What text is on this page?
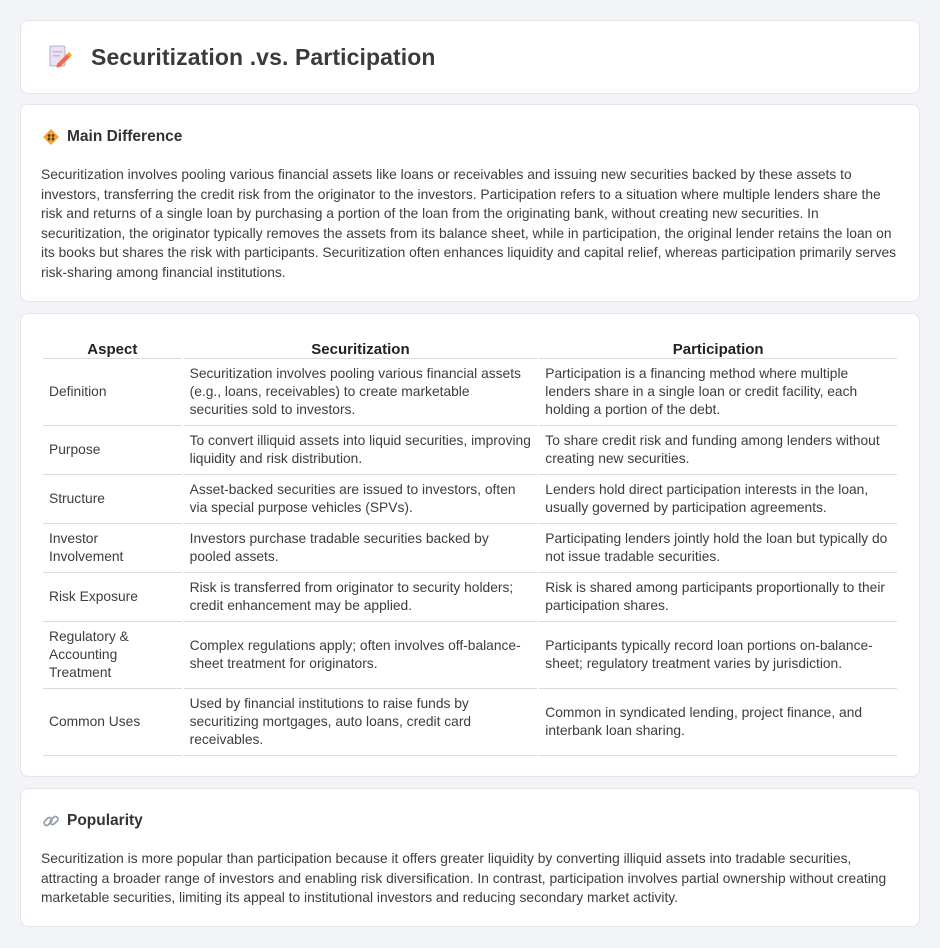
Securitization .vs. Participation
Main Difference

Securitization involves pooling various financial assets like loans or receivables and issuing new securities backed by these assets to investors, transferring the credit risk from the originator to the investors. Participation refers to a situation where multiple lenders share the risk and returns of a single loan by purchasing a portion of the loan from the originating bank, without creating new securities. In securitization, the originator typically removes the assets from its balance sheet, while in participation, the original lender retains the loan on its books but shares the risk with participants. Securitization often enhances liquidity and capital relief, whereas participation primarily serves risk-sharing among financial institutions.

Aspect	Securitization	Participation
Definition	Securitization involves pooling various financial assets (e.g., loans, receivables) to create marketable securities sold to investors.	Participation is a financing method where multiple lenders share in a single loan or credit facility, each holding a portion of the debt.
Purpose	To convert illiquid assets into liquid securities, improving liquidity and risk distribution.	To share credit risk and funding among lenders without creating new securities.
Structure	Asset-backed securities are issued to investors, often via special purpose vehicles (SPVs).	Lenders hold direct participation interests in the loan, usually governed by participation agreements.
Investor Involvement	Investors purchase tradable securities backed by pooled assets.	Participating lenders jointly hold the loan but typically do not issue tradable securities.
Risk Exposure	Risk is transferred from originator to security holders; credit enhancement may be applied.	Risk is shared among participants proportionally to their participation shares.
Regulatory & Accounting Treatment	Complex regulations apply; often involves off-balance-sheet treatment for originators.	Participants typically record loan portions on-balance-sheet; regulatory treatment varies by jurisdiction.
Common Uses	Used by financial institutions to raise funds by securitizing mortgages, auto loans, credit card receivables.	Common in syndicated lending, project finance, and interbank loan sharing.
Popularity

Securitization is more popular than participation because it offers greater liquidity by converting illiquid assets into tradable securities, attracting a broader range of investors and enabling risk diversification. In contrast, participation involves partial ownership without creating marketable securities, limiting its appeal to institutional investors and reducing secondary market activity.
